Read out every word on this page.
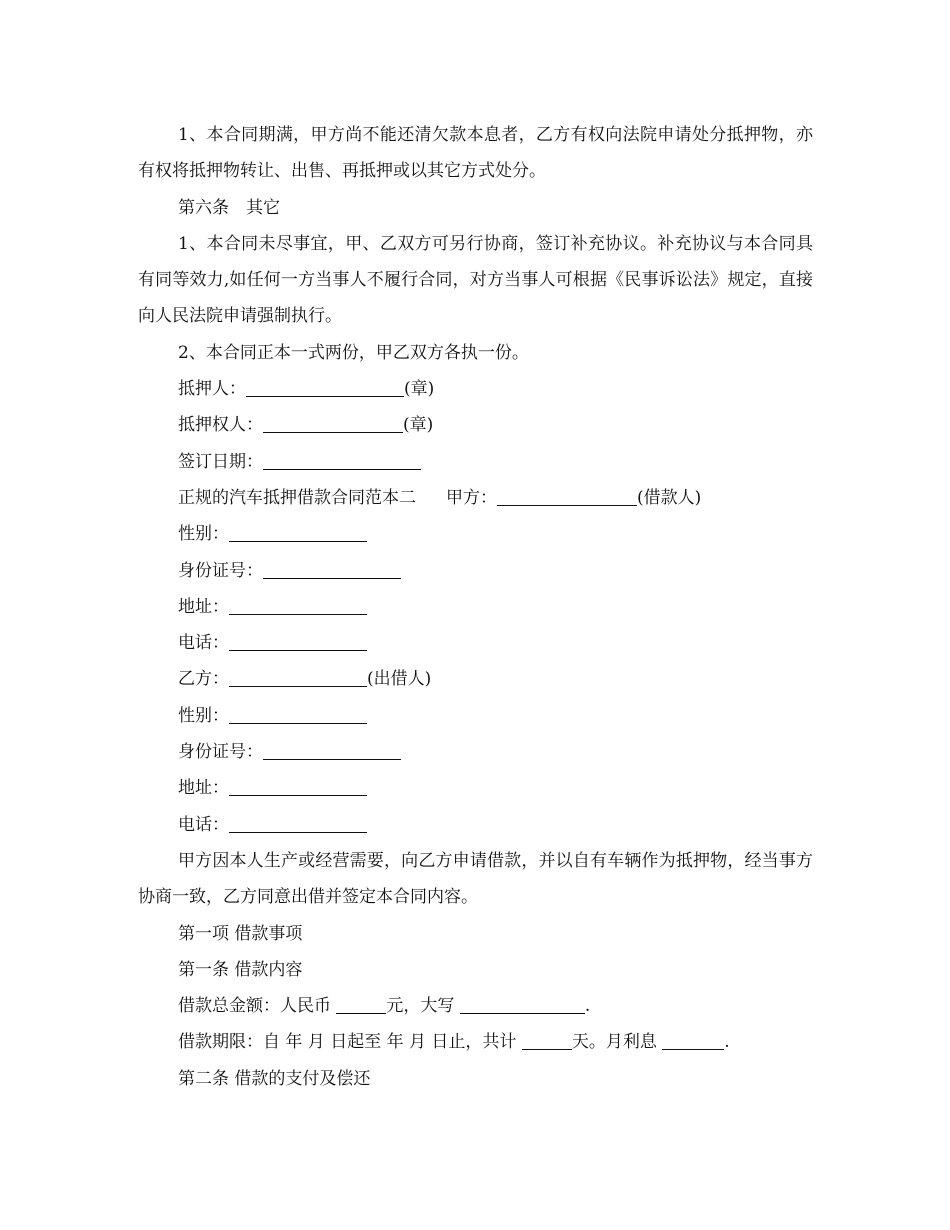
1、本合同期满，甲方尚不能还清欠款本息者，乙方有权向法院申请处分抵押物，亦有权将抵押物转让、出售、再抵押或以其它方式处分。

第六条　其它

1、本合同未尽事宜，甲、乙双方可另行协商，签订补充协议。补充协议与本合同具有同等效力,如任何一方当事人不履行合同，对方当事人可根据《民事诉讼法》规定，直接向人民法院申请强制执行。

2、本合同正本一式两份，甲乙双方各执一份。

抵押人：	(章)

抵押权人：	(章)

签订日期：

正规的汽车抵押借款合同范本二 甲方：	(借款人)

性别：

身份证号：

地址：

电话：

乙方：	(出借人)

性别：

身份证号：

地址：

电话：

甲方因本人生产或经营需要，向乙方申请借款，并以自有车辆作为抵押物，经当事方协商一致，乙方同意出借并签定本合同内容。

第一项 借款事项

第一条 借款内容

借款总金额：人民币	元，大写	.

借款期限：自 年 月 日起至 年 月 日止，共计	天。月利息	.

第二条 借款的支付及偿还
